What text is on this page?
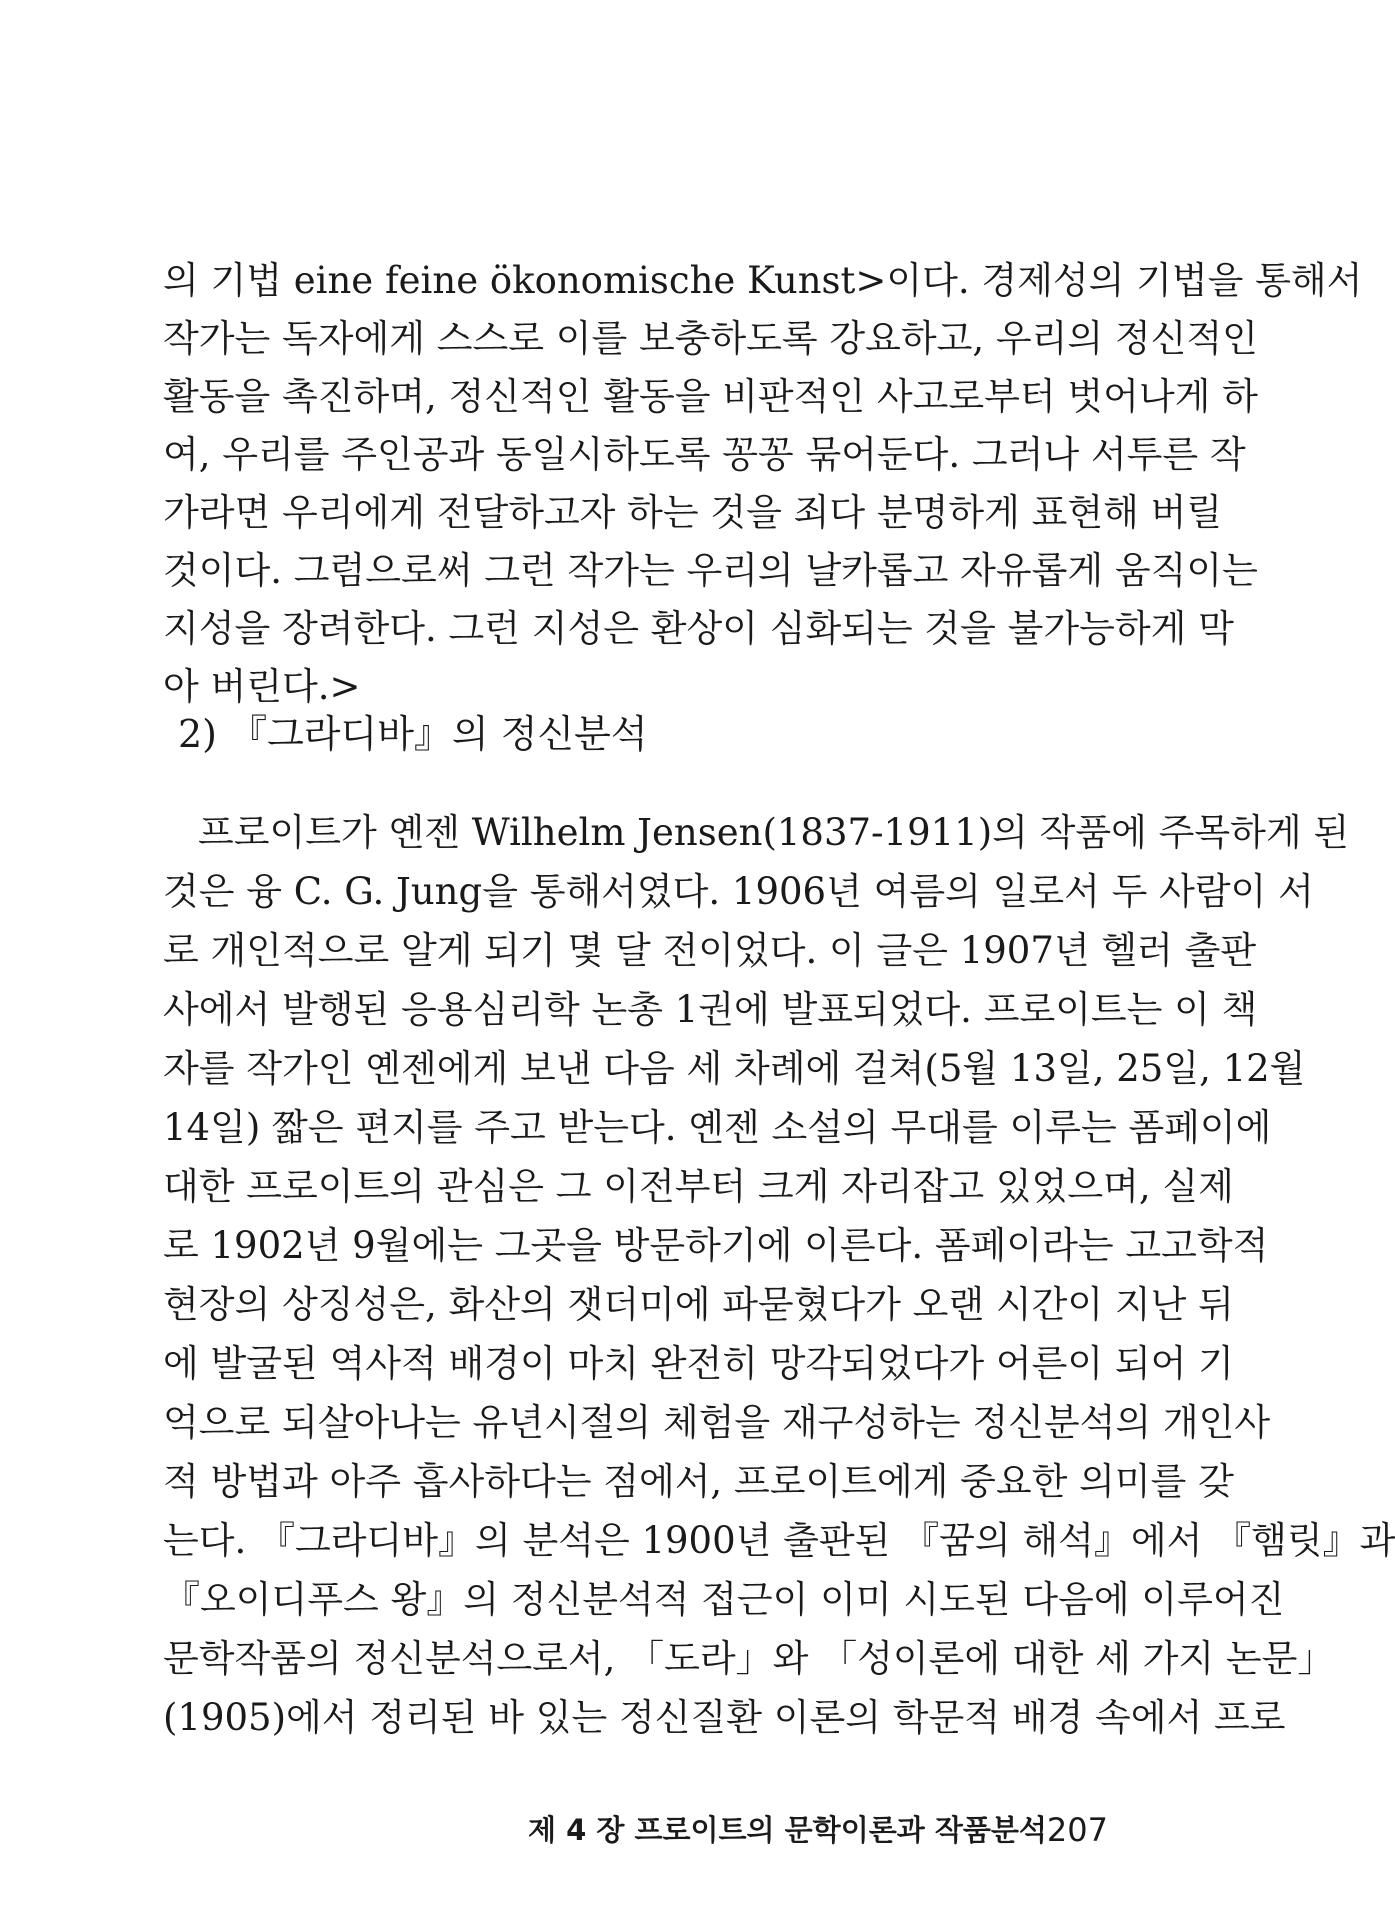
의 기법 eine feine ökonomische Kunst>이다. 경제성의 기법을 통해서
작가는 독자에게 스스로 이를 보충하도록 강요하고, 우리의 정신적인
활동을 촉진하며, 정신적인 활동을 비판적인 사고로부터 벗어나게 하
여, 우리를 주인공과 동일시하도록 꽁꽁 묶어둔다. 그러나 서투른 작
가라면 우리에게 전달하고자 하는 것을 죄다 분명하게 표현해 버릴
것이다. 그럼으로써 그런 작가는 우리의 날카롭고 자유롭게 움직이는
지성을 장려한다. 그런 지성은 환상이 심화되는 것을 불가능하게 막
아 버린다.>
2) 『그라디바』의 정신분석
프로이트가 옌젠 Wilhelm Jensen(1837-1911)의 작품에 주목하게 된
것은 융 C. G. Jung을 통해서였다. 1906년 여름의 일로서 두 사람이 서
로 개인적으로 알게 되기 몇 달 전이었다. 이 글은 1907년 헬러 출판
사에서 발행된 응용심리학 논총 1권에 발표되었다. 프로이트는 이 책
자를 작가인 옌젠에게 보낸 다음 세 차례에 걸쳐(5월 13일, 25일, 12월
14일) 짧은 편지를 주고 받는다. 옌젠 소설의 무대를 이루는 폼페이에
대한 프로이트의 관심은 그 이전부터 크게 자리잡고 있었으며, 실제
로 1902년 9월에는 그곳을 방문하기에 이른다. 폼페이라는 고고학적
현장의 상징성은, 화산의 잿더미에 파묻혔다가 오랜 시간이 지난 뒤
에 발굴된 역사적 배경이 마치 완전히 망각되었다가 어른이 되어 기
억으로 되살아나는 유년시절의 체험을 재구성하는 정신분석의 개인사
적 방법과 아주 흡사하다는 점에서, 프로이트에게 중요한 의미를 갖
는다. 『그라디바』의 분석은 1900년 출판된 『꿈의 해석』에서 『햄릿』과
『오이디푸스 왕』의 정신분석적 접근이 이미 시도된 다음에 이루어진
문학작품의 정신분석으로서, 「도라」와 「성이론에 대한 세 가지 논문」
(1905)에서 정리된 바 있는 정신질환 이론의 학문적 배경 속에서 프로
제 4 장 프로이트의 문학이론과 작품분석 207
